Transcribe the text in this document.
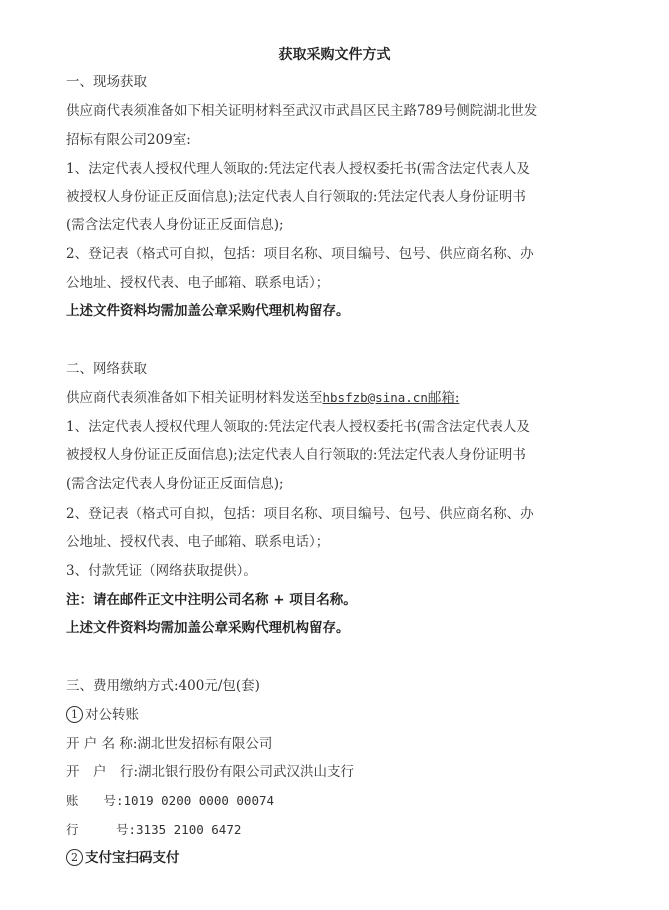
获取采购文件方式
一、现场获取
供应商代表须准备如下相关证明材料至武汉市武昌区民主路789号侧院湖北世发
招标有限公司209室:
1、法定代表人授权代理人领取的:凭法定代表人授权委托书(需含法定代表人及
被授权人身份证正反面信息);法定代表人自行领取的:凭法定代表人身份证明书
(需含法定代表人身份证正反面信息);
2、登记表（格式可自拟，包括：项目名称、项目编号、包号、供应商名称、办
公地址、授权代表、电子邮箱、联系电话）；
上述文件资料均需加盖公章采购代理机构留存。
二、网络获取
供应商代表须准备如下相关证明材料发送至hbsfzb@sina.cn邮箱:
1、法定代表人授权代理人领取的:凭法定代表人授权委托书(需含法定代表人及
被授权人身份证正反面信息);法定代表人自行领取的:凭法定代表人身份证明书
(需含法定代表人身份证正反面信息);
2、登记表（格式可自拟，包括：项目名称、项目编号、包号、供应商名称、办
公地址、授权代表、电子邮箱、联系电话）；
3、付款凭证（网络获取提供）。
注：请在邮件正文中注明公司名称 + 项目名称。
上述文件资料均需加盖公章采购代理机构留存。
三、费用缴纳方式:400元/包(套)
1 对公转账
开 户 名 称:湖北世发招标有限公司
开　户　行:湖北银行股份有限公司武汉洪山支行
账　　号:1019 0200 0000 00074
行　　　号:3135 2100 6472
2 支付宝扫码支付
